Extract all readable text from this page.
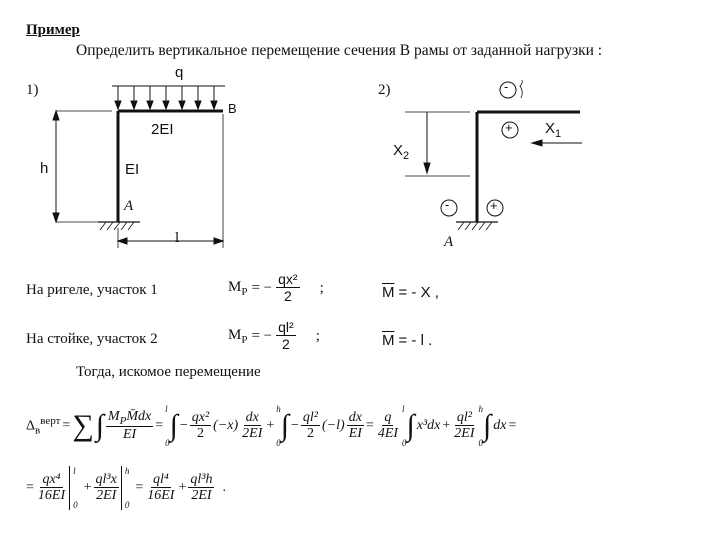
Пример
Определить вертикальное перемещение сечения В рамы от заданной нагрузки :
1)
q
B
2EI
EI
h
A
l
2)
$X_1$
$X_2$
-
+
-	+
A
На ригеле, участок 1	$M_P$ = − $\frac{\text{qx²}}{2}$ ;	$\overline{M}$ = - X ,
На стойке, участок 2	$M_P$ = − $\frac{\text{ql²}}{2}$ ;	$\overline{M}$ = - l .
Тогда, искомое перемещение
$\Delta_в^{верт}$ = ∑ ∫ $\frac{M_PM̄dx}{EI}$ =
l
0
∫ − $\frac{\text{qx²}}{2} (-x) \frac{dx}{2EI}$ +
h
0
∫ − $\frac{\text{ql²}}{2} (-l) \frac{dx}{EI} = \frac{q}{4EI}$
l
0
∫ $x^3dx + \frac{\text{ql²}}{2EI}$
h
0
∫ dx =
= $\frac{\text{qx⁴}}{16EI}$
l
0
+ $\frac{\text{ql³x}}{2EI}$
h
0
= $\frac{\text{ql⁴}}{16EI} + \frac{\text{ql³h}}{2EI}$ .
